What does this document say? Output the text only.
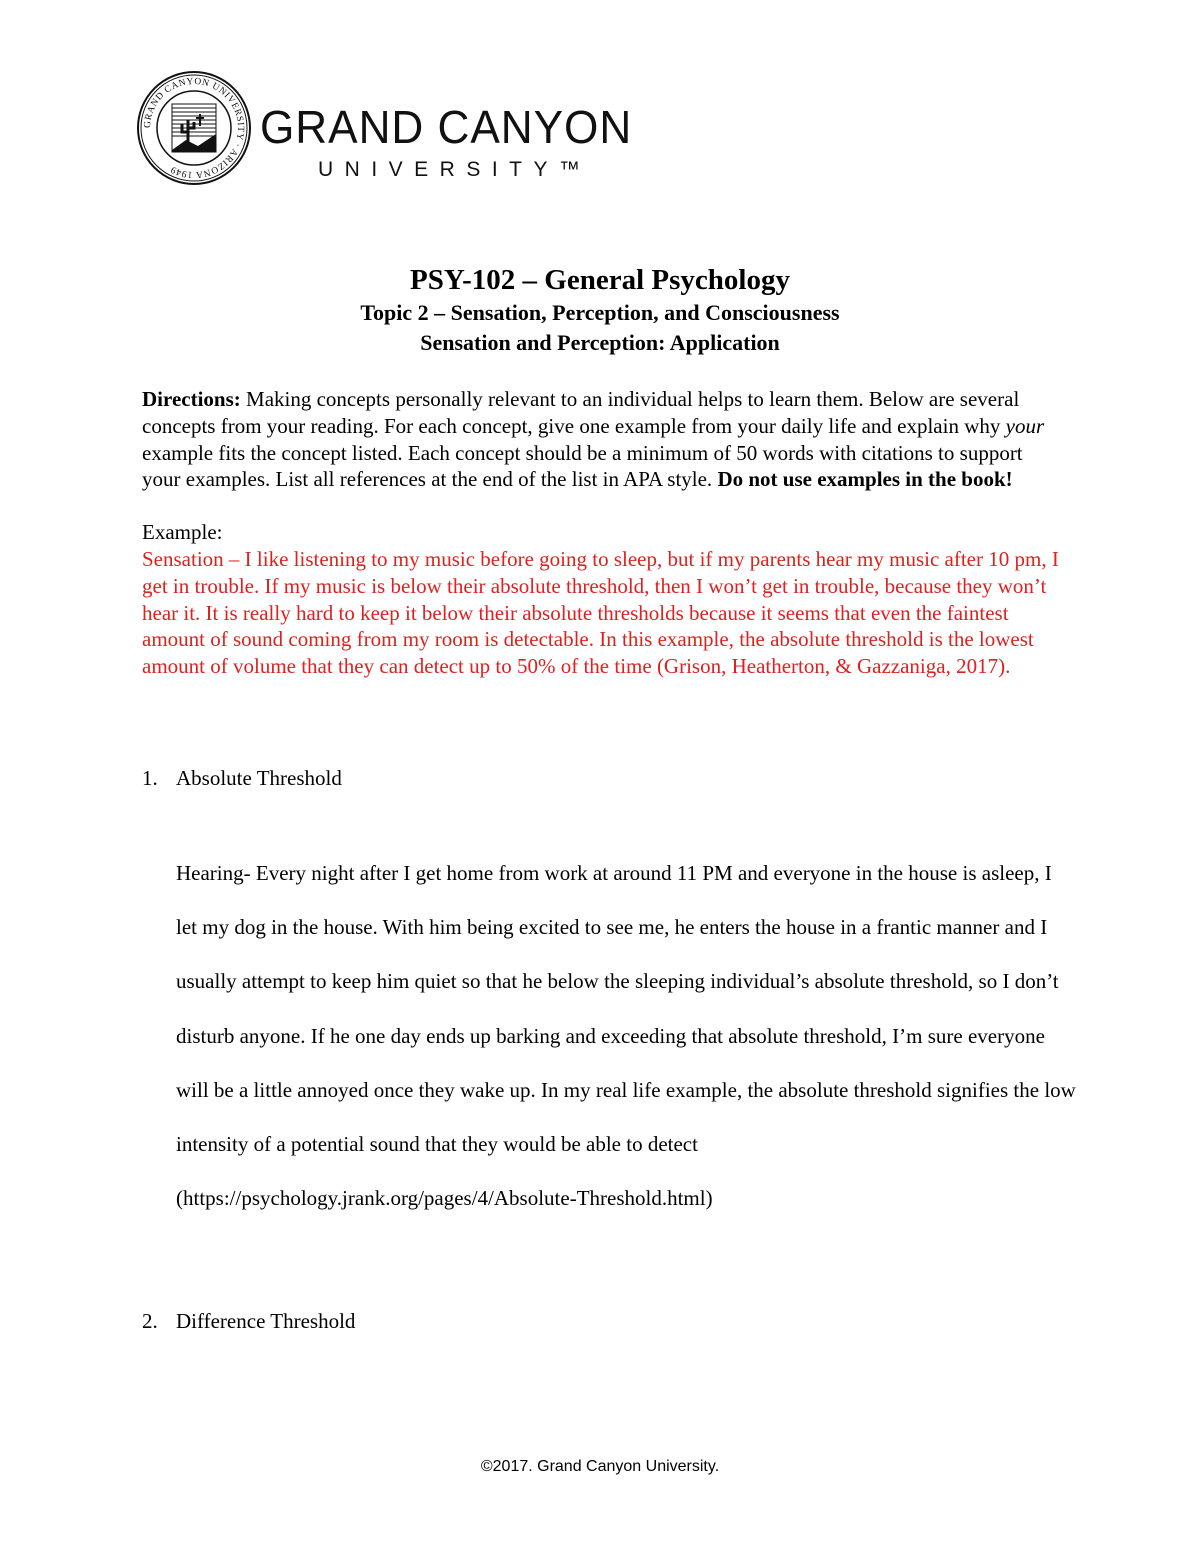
GRAND CANYON UNIVERSITY · ARIZONA 1949
GRAND CANYON
UNIVERSITY™
PSY-102 – General Psychology
Topic 2 – Sensation, Perception, and Consciousness
Sensation and Perception: Application

Directions: Making concepts personally relevant to an individual helps to learn them. Below are several concepts from your reading. For each concept, give one example from your daily life and explain why your example fits the concept listed. Each concept should be a minimum of 50 words with citations to support your examples. List all references at the end of the list in APA style. Do not use examples in the book!

Example:

Sensation – I like listening to my music before going to sleep, but if my parents hear my music after 10 pm, I get in trouble. If my music is below their absolute threshold, then I won’t get in trouble, because they won’t hear it. It is really hard to keep it below their absolute thresholds because it seems that even the faintest amount of sound coming from my room is detectable. In this example, the absolute threshold is the lowest amount of volume that they can detect up to 50% of the time (Grison, Heatherton, & Gazzaniga, 2017).

1. Absolute Threshold
Hearing- Every night after I get home from work at around 11 PM and everyone in the house is asleep, I let my dog in the house. With him being excited to see me, he enters the house in a frantic manner and I usually attempt to keep him quiet so that he below the sleeping individual’s absolute threshold, so I don’t disturb anyone. If he one day ends up barking and exceeding that absolute threshold, I’m sure everyone will be a little annoyed once they wake up. In my real life example, the absolute threshold signifies the low intensity of a potential sound that they would be able to detect (https://psychology.jrank.org/pages/4/Absolute-Threshold.html)
2. Difference Threshold
©2017. Grand Canyon University.
